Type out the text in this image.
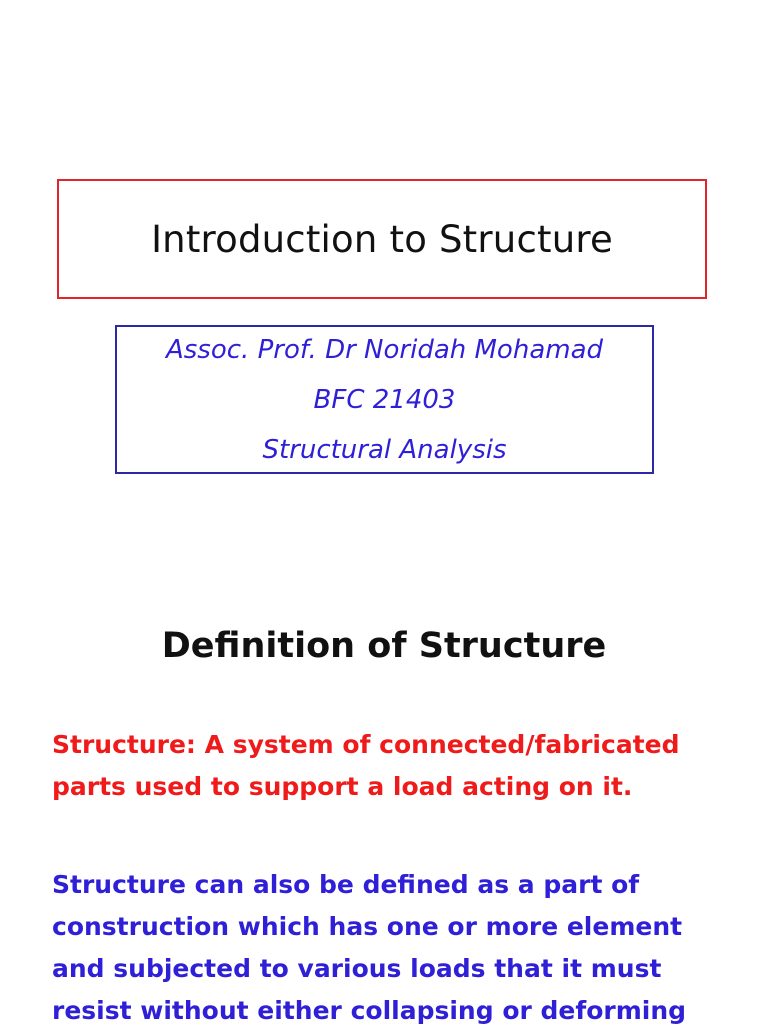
Introduction to Structure
Assoc. Prof. Dr Noridah Mohamad
BFC 21403
Structural Analysis
Definition of Structure
Structure: A system of connected/fabricated
parts used to support a load acting on it.
Structure can also be defined as a part of
construction which has one or more element
and subjected to various loads that it must
resist without either collapsing or deforming
